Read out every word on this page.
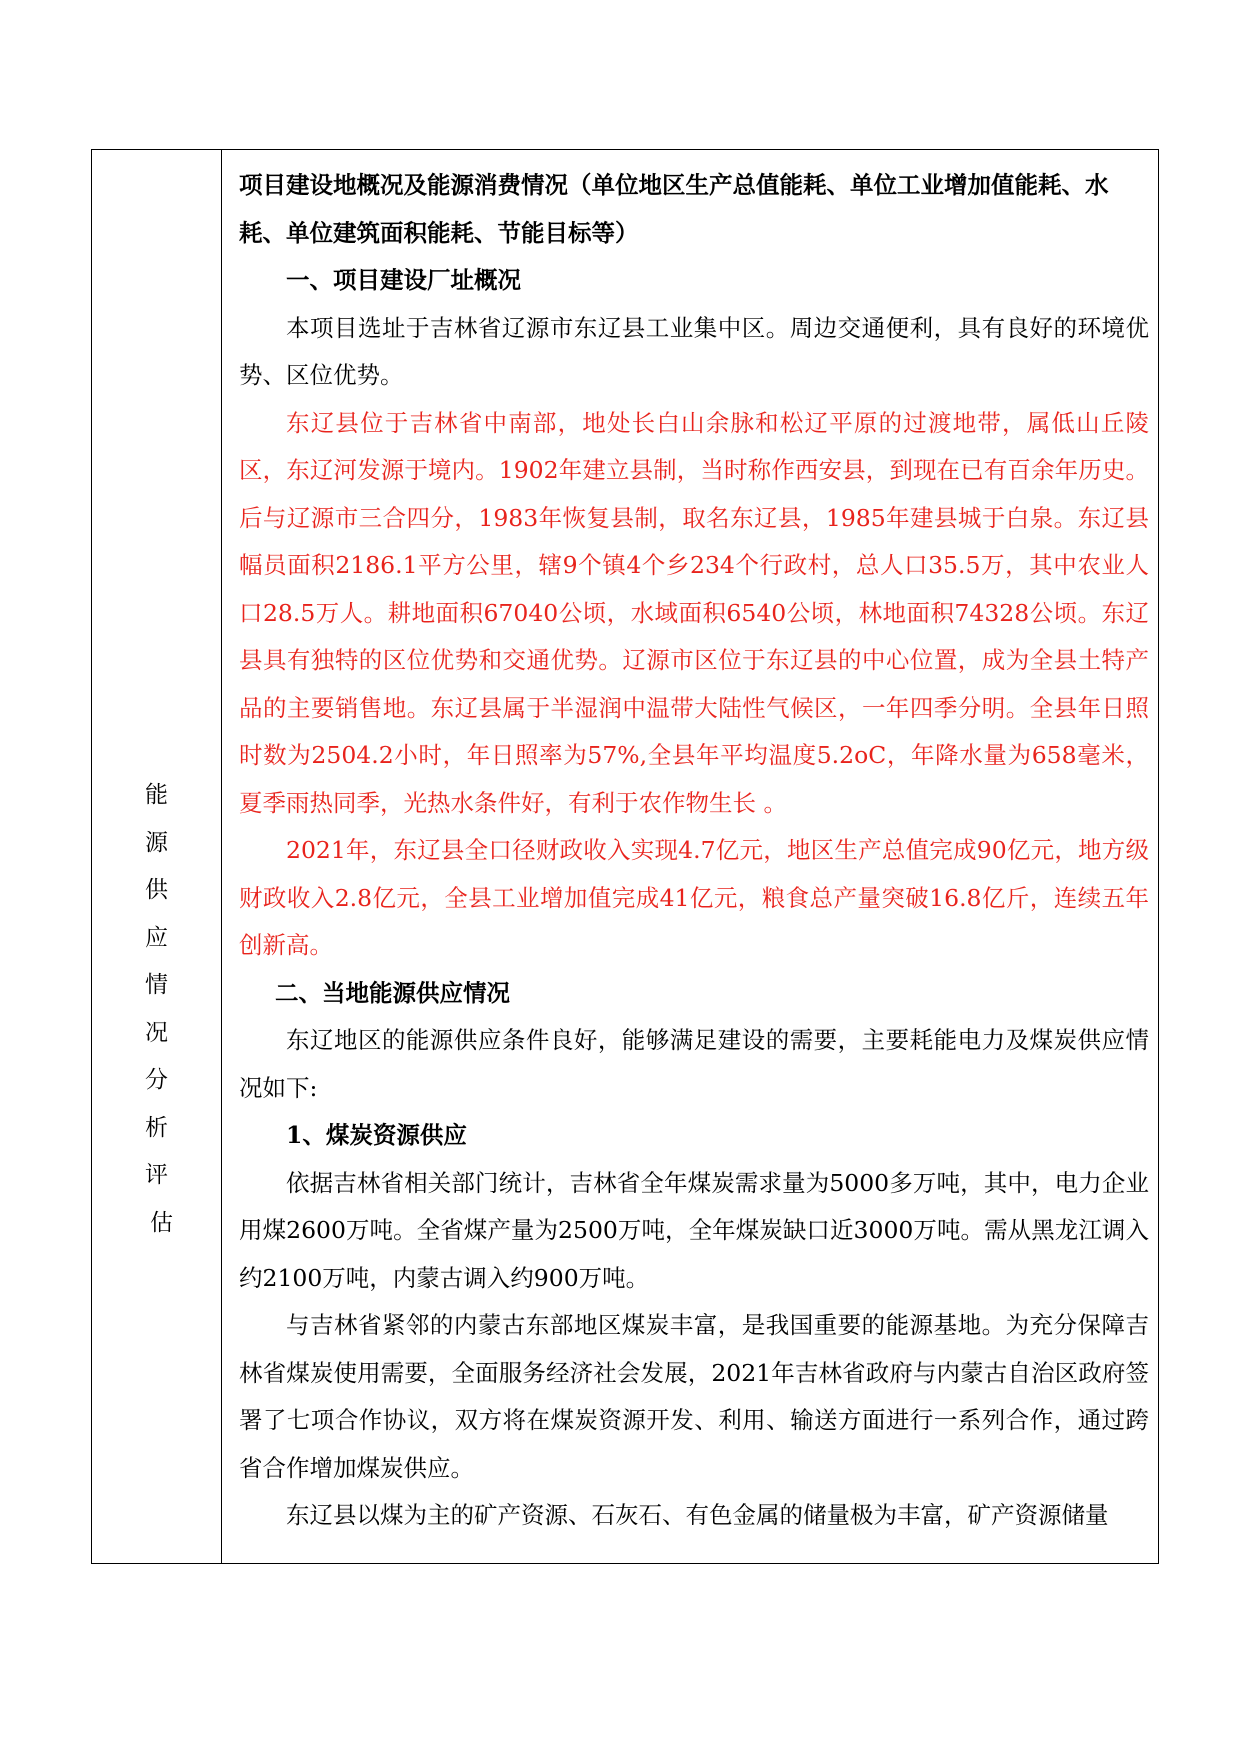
能
源
供
应
情
况
分
析
评
估

项目建设地概况及能源消费情况（单位地区生产总值能耗、单位工业增加值能耗、水耗、单位建筑面积能耗、节能目标等）

一、项目建设厂址概况

本项目选址于吉林省辽源市东辽县工业集中区。周边交通便利，具有良好的环境优势、区位优势。

东辽县位于吉林省中南部，地处长白山余脉和松辽平原的过渡地带，属低山丘陵区，东辽河发源于境内。1902年建立县制，当时称作西安县，到现在已有百余年历史。后与辽源市三合四分，1983年恢复县制，取名东辽县，1985年建县城于白泉。东辽县幅员面积2186.1平方公里，辖9个镇4个乡234个行政村，总人口35.5万，其中农业人口28.5万人。耕地面积67040公顷，水域面积6540公顷，林地面积74328公顷。东辽县具有独特的区位优势和交通优势。辽源市区位于东辽县的中心位置，成为全县土特产品的主要销售地。东辽县属于半湿润中温带大陆性气候区，一年四季分明。全县年日照时数为2504.2小时，年日照率为57%,全县年平均温度5.2oC，年降水量为658毫米，夏季雨热同季，光热水条件好，有利于农作物生长 。

2021年，东辽县全口径财政收入实现4.7亿元，地区生产总值完成90亿元，地方级财政收入2.8亿元，全县工业增加值完成41亿元，粮食总产量突破16.8亿斤，连续五年创新高。

二、当地能源供应情况

东辽地区的能源供应条件良好，能够满足建设的需要，主要耗能电力及煤炭供应情况如下:

1、煤炭资源供应

依据吉林省相关部门统计，吉林省全年煤炭需求量为5000多万吨，其中，电力企业用煤2600万吨。全省煤产量为2500万吨，全年煤炭缺口近3000万吨。需从黑龙江调入约2100万吨，内蒙古调入约900万吨。

与吉林省紧邻的内蒙古东部地区煤炭丰富，是我国重要的能源基地。为充分保障吉林省煤炭使用需要，全面服务经济社会发展，2021年吉林省政府与内蒙古自治区政府签署了七项合作协议，双方将在煤炭资源开发、利用、输送方面进行一系列合作，通过跨省合作增加煤炭供应。

东辽县以煤为主的矿产资源、石灰石、有色金属的储量极为丰富，矿产资源储量
